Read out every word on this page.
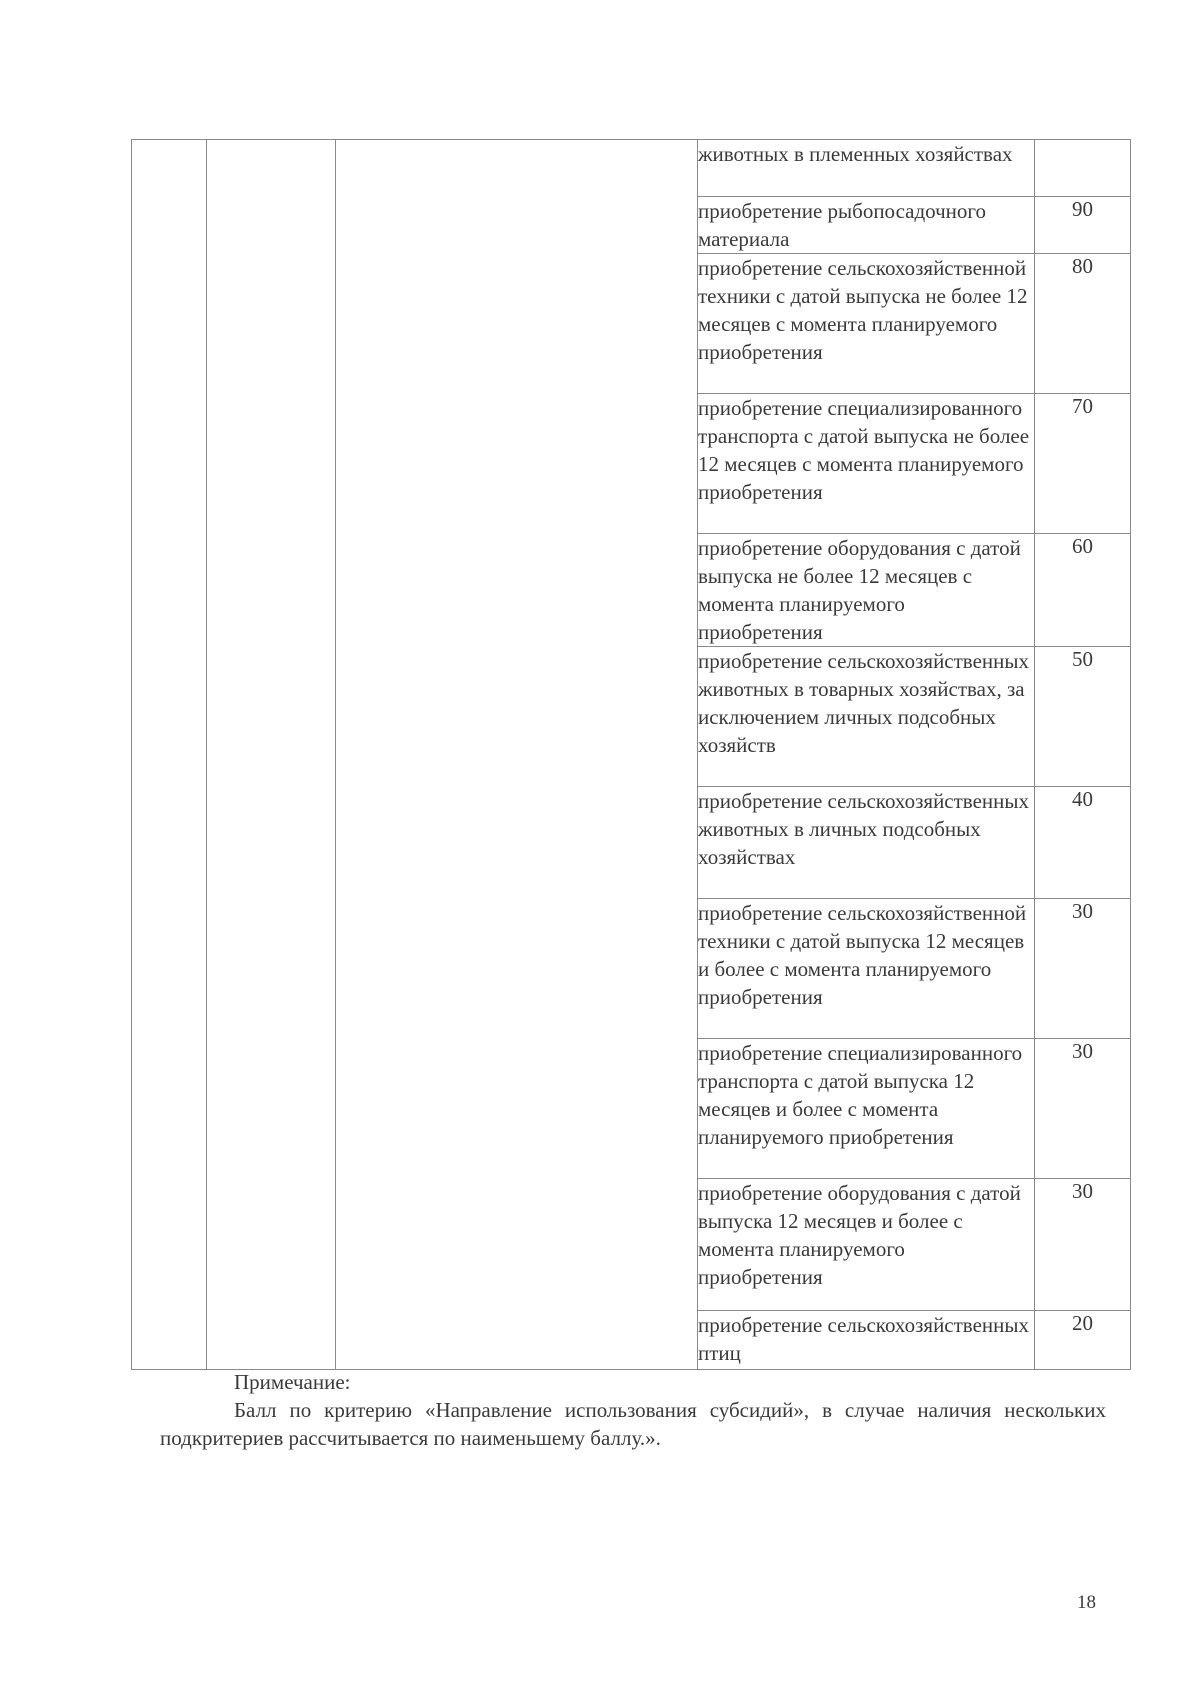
			животных в племенных хозяйствах	
			приобретение рыбопосадочного материала	90
			приобретение сельскохозяйственной техники с датой выпуска не более 12 месяцев с момента планируемого приобретения	80
			приобретение специализированного транспорта с датой выпуска не более 12 месяцев с момента планируемого приобретения	70
			приобретение оборудования с датой выпуска не более 12 месяцев с момента планируемого приобретения	60
			приобретение сельскохозяйственных животных в товарных хозяйствах, за исключением личных подсобных хозяйств	50
			приобретение сельскохозяйственных животных в личных подсобных хозяйствах	40
			приобретение сельскохозяйственной техники с датой выпуска 12 месяцев и более с момента планируемого приобретения	30
			приобретение специализированного транспорта с датой выпуска 12 месяцев и более с момента планируемого приобретения	30
			приобретение оборудования с датой выпуска 12 месяцев и более с момента планируемого приобретения	30
			приобретение сельскохозяйственных птиц	20
Примечание:
Балл по критерию «Направление использования субсидий», в случае наличия нескольких подкритериев рассчитывается по наименьшему баллу.».
18
